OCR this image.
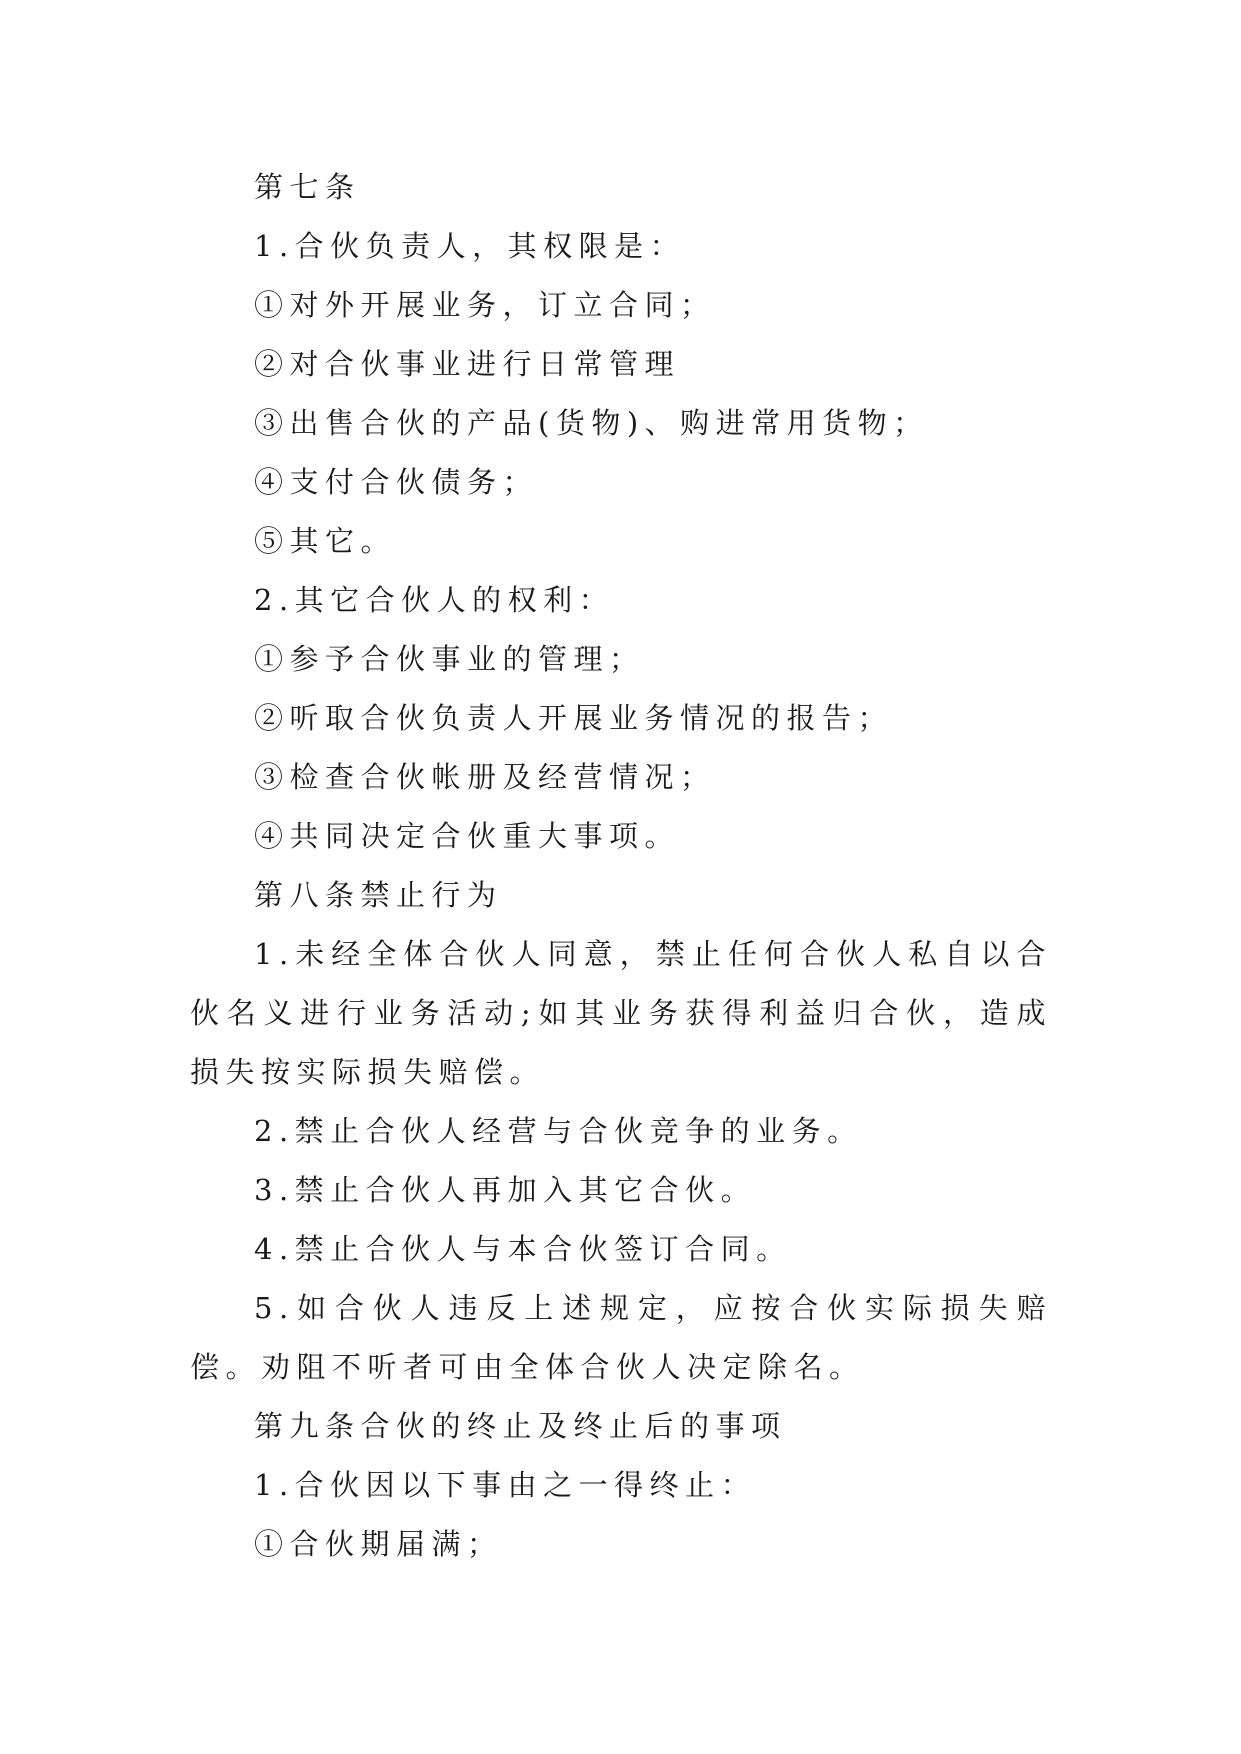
第七条

1.合伙负责人，其权限是：

①对外开展业务，订立合同；

②对合伙事业进行日常管理

③出售合伙的产品(货物)、购进常用货物；

④支付合伙债务；

⑤其它。

2.其它合伙人的权利：

①参予合伙事业的管理；

②听取合伙负责人开展业务情况的报告；

③检查合伙帐册及经营情况；

④共同决定合伙重大事项。

第八条禁止行为

1.未经全体合伙人同意，禁止任何合伙人私自以合伙名义进行业务活动;如其业务获得利益归合伙，造成损失按实际损失赔偿。

2.禁止合伙人经营与合伙竞争的业务。

3.禁止合伙人再加入其它合伙。

4.禁止合伙人与本合伙签订合同。

5.如合伙人违反上述规定，应按合伙实际损失赔偿。劝阻不听者可由全体合伙人决定除名。

第九条合伙的终止及终止后的事项

1.合伙因以下事由之一得终止：

①合伙期届满；
